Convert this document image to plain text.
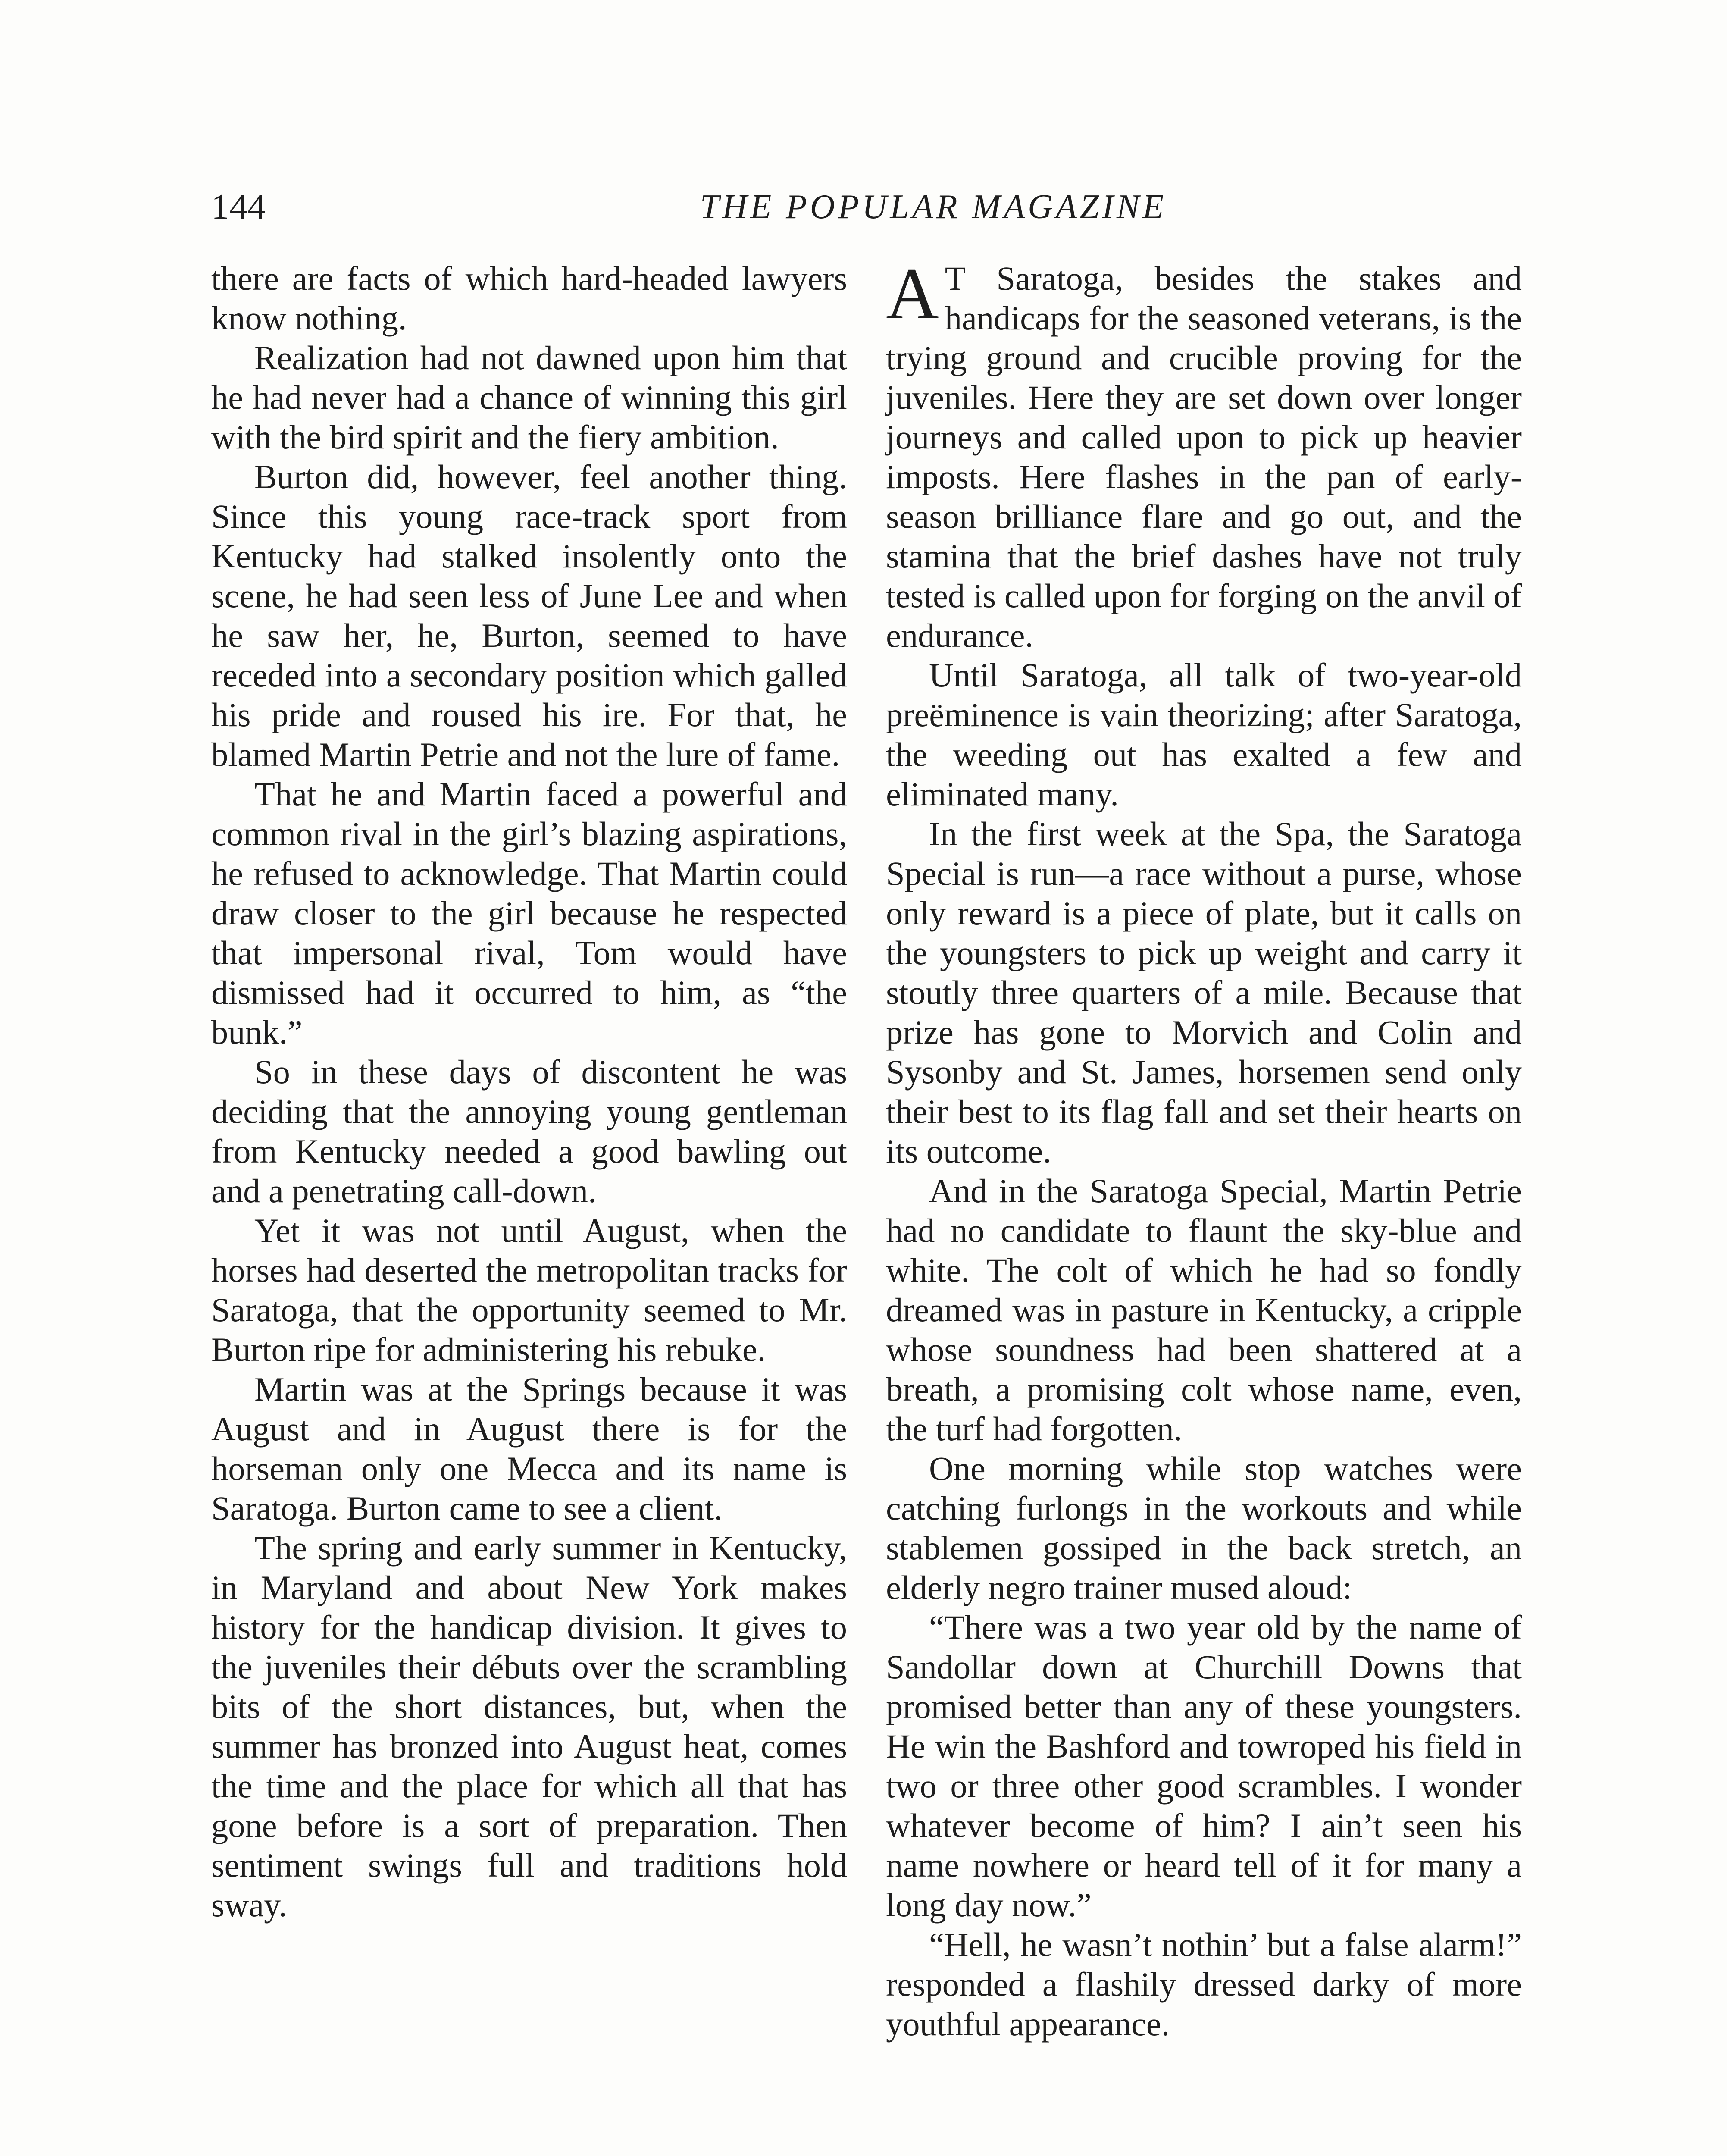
144	THE POPULAR MAGAZINE

there are facts of which hard-headed lawyers know nothing.

Realization had not dawned upon him that he had never had a chance of winning this girl with the bird spirit and the fiery ambition.

Burton did, however, feel another thing. Since this young race-track sport from Kentucky had stalked insolently onto the scene, he had seen less of June Lee and when he saw her, he, Burton, seemed to have receded into a secondary position which galled his pride and roused his ire. For that, he blamed Martin Petrie and not the lure of fame.

That he and Martin faced a powerful and common rival in the girl’s blazing aspirations, he refused to acknowledge. That Martin could draw closer to the girl because he respected that impersonal rival, Tom would have dismissed had it occurred to him, as “the bunk.”

So in these days of discontent he was deciding that the annoying young gentleman from Kentucky needed a good bawling out and a penetrating call-down.

Yet it was not until August, when the horses had deserted the metropolitan tracks for Saratoga, that the opportunity seemed to Mr. Burton ripe for administering his rebuke.

Martin was at the Springs because it was August and in August there is for the horseman only one Mecca and its name is Saratoga. Burton came to see a client.

The spring and early summer in Kentucky, in Maryland and about New York makes history for the handicap division. It gives to the juveniles their débuts over the scrambling bits of the short distances, but, when the summer has bronzed into August heat, comes the time and the place for which all that has gone before is a sort of preparation. Then sentiment swings full and traditions hold sway.

A T Saratoga, besides the stakes and handicaps for the seasoned veterans, is the trying ground and crucible proving for the juveniles. Here they are set down over longer journeys and called upon to pick up heavier imposts. Here flashes in the pan of early-season brilliance flare and go out, and the stamina that the brief dashes have not truly tested is called upon for forging on the anvil of endurance.

Until Saratoga, all talk of two-year-old preëminence is vain theorizing; after Saratoga, the weeding out has exalted a few and eliminated many.

In the first week at the Spa, the Saratoga Special is run—a race without a purse, whose only reward is a piece of plate, but it calls on the youngsters to pick up weight and carry it stoutly three quarters of a mile. Because that prize has gone to Morvich and Colin and Sysonby and St. James, horsemen send only their best to its flag fall and set their hearts on its outcome.

And in the Saratoga Special, Martin Petrie had no candidate to flaunt the sky-blue and white. The colt of which he had so fondly dreamed was in pasture in Kentucky, a cripple whose soundness had been shattered at a breath, a promising colt whose name, even, the turf had forgotten.

One morning while stop watches were catching furlongs in the workouts and while stablemen gossiped in the back stretch, an elderly negro trainer mused aloud:

“There was a two year old by the name of Sandollar down at Churchill Downs that promised better than any of these youngsters. He win the Bashford and towroped his field in two or three other good scrambles. I wonder whatever become of him? I ain’t seen his name nowhere or heard tell of it for many a long day now.”

“Hell, he wasn’t nothin’ but a false alarm!” responded a flashily dressed darky of more youthful appearance.
